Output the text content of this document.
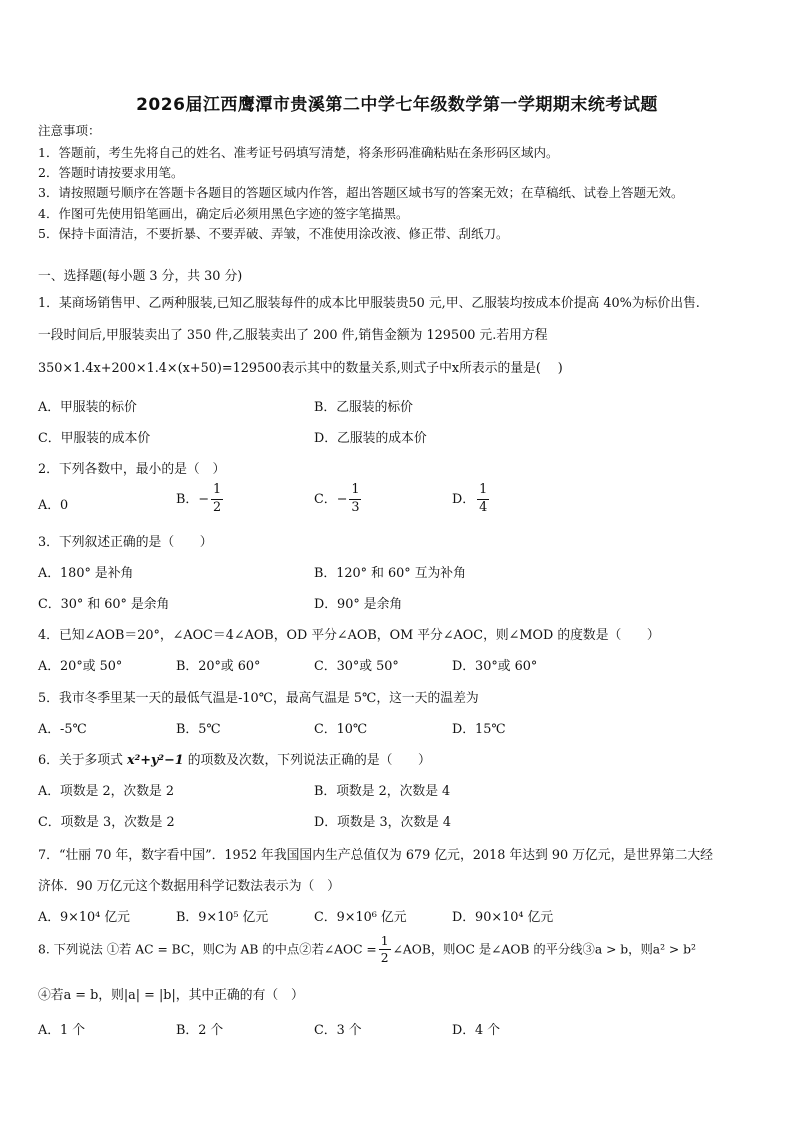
2026届江西鹰潭市贵溪第二中学七年级数学第一学期期末统考试题
注意事项：
1．答题前，考生先将自己的姓名、准考证号码填写清楚，将条形码准确粘贴在条形码区域内。
2．答题时请按要求用笔。
3．请按照题号顺序在答题卡各题目的答题区域内作答，超出答题区域书写的答案无效；在草稿纸、试卷上答题无效。
4．作图可先使用铅笔画出，确定后必须用黑色字迹的签字笔描黑。
5．保持卡面清洁，不要折暴、不要弄破、弄皱，不准使用涂改液、修正带、刮纸刀。
一、选择题(每小题 3 分，共 30 分)
1．某商场销售甲、乙两种服装,已知乙服装每件的成本比甲服装贵50 元,甲、乙服装均按成本价提高 40%为标价出售.
一段时间后,甲服装卖出了 350 件,乙服装卖出了 200 件,销售金额为 129500 元.若用方程
350×1.4x+200×1.4×(x+50)=129500表示其中的数量关系,则式子中x所表示的量是(　 )
A．甲服装的标价	B．乙服装的标价
C．甲服装的成本价	D．乙服装的成本价
2．下列各数中，最小的是（　）
A．0	B．− $\frac{1}{2}$	C．− $\frac{1}{3}$	D． $\frac{1}{4}$
3．下列叙述正确的是（　　）
A．180° 是补角	B．120° 和 60° 互为补角
C．30° 和 60° 是余角	D．90° 是余角
4．已知∠AOB＝20°，∠AOC＝4∠AOB，OD 平分∠AOB，OM 平分∠AOC，则∠MOD 的度数是（　　）
A．20°或 50°	B．20°或 60°	C．30°或 50°	D．30°或 60°
5．我市冬季里某一天的最低气温是-10℃，最高气温是 5℃，这一天的温差为
A．-5℃	B．5℃	C．10℃	D．15℃
6．关于多项式 x²+y²−1 的项数及次数，下列说法正确的是（　　）
A．项数是 2，次数是 2	B．项数是 2，次数是 4
C．项数是 3，次数是 2	D．项数是 3，次数是 4
7．“壮丽 70 年，数字看中国”．1952 年我国国内生产总值仅为 679 亿元，2018 年达到 90 万亿元，是世界第二大经
济体．90 万亿元这个数据用科学记数法表示为（　）
A．9×10⁴ 亿元	B．9×10⁵ 亿元	C．9×10⁶ 亿元	D．90×10⁴ 亿元
8. 下列说法 ①若 AC = BC，则C为 AB 的中点②若∠AOC = $\frac{1}{2}$ ∠AOB，则OC 是∠AOB 的平分线③a > b，则a² > b²
④若a = b，则|a| = |b|，其中正确的有（　）
A．1 个	B．2 个	C．3 个	D．4 个
